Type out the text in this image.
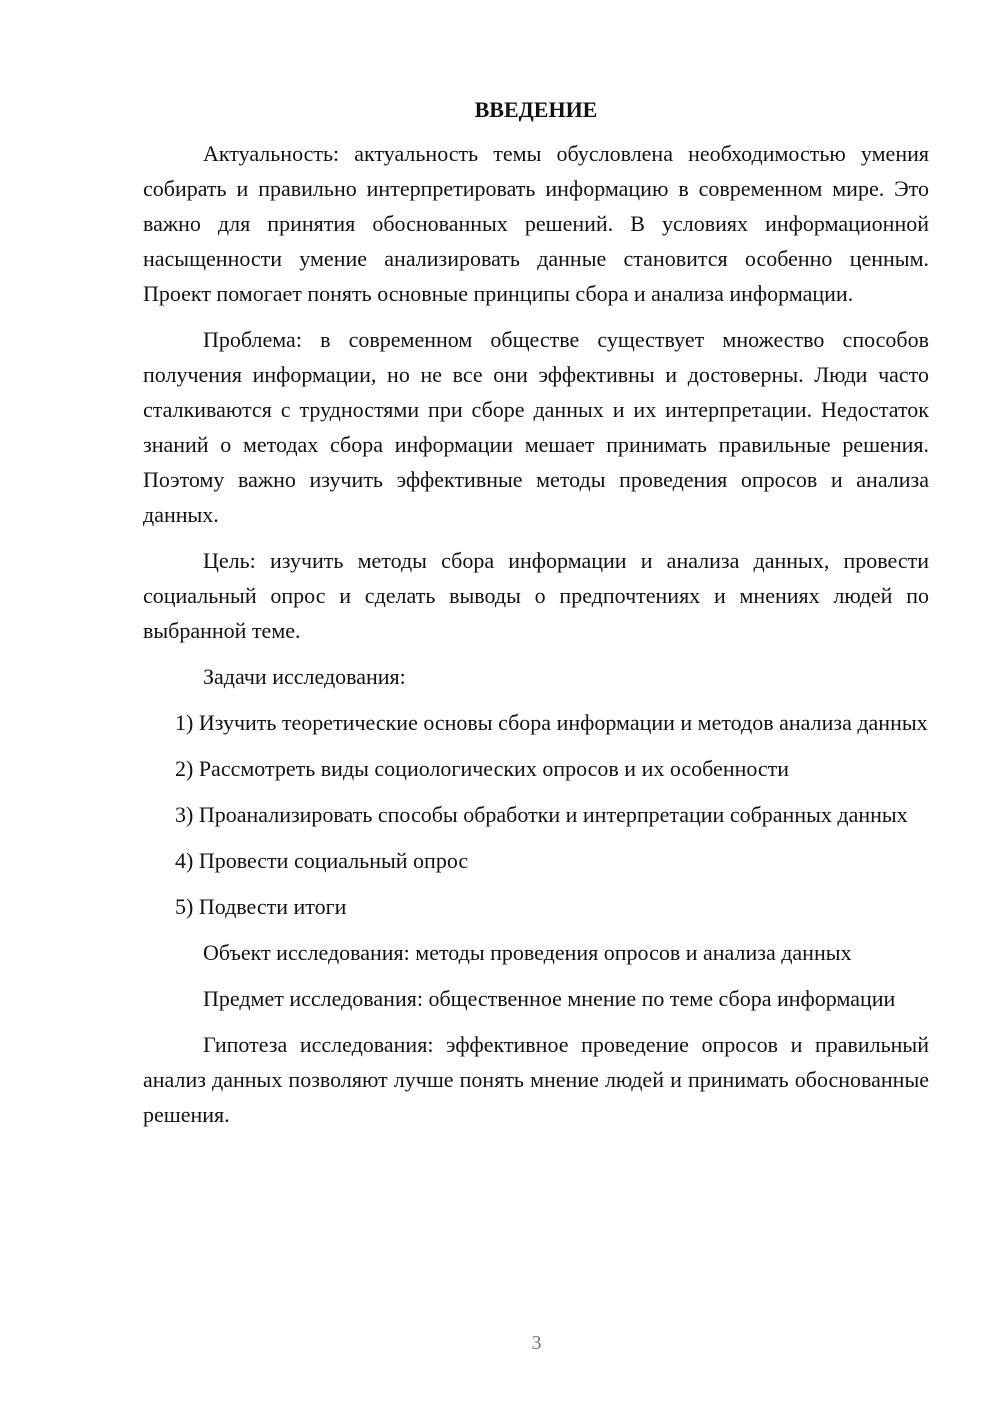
ВВЕДЕНИЕ

Актуальность: актуальность темы обусловлена необходимостью умения собирать и правильно интерпретировать информацию в современном мире. Это важно для принятия обоснованных решений. В условиях информационной насыщенности умение анализировать данные становится особенно ценным. Проект помогает понять основные принципы сбора и анализа информации.

Проблема: в современном обществе существует множество способов получения информации, но не все они эффективны и достоверны. Люди часто сталкиваются с трудностями при сборе данных и их интерпретации. Недостаток знаний о методах сбора информации мешает принимать правильные решения. Поэтому важно изучить эффективные методы проведения опросов и анализа данных.

Цель: изучить методы сбора информации и анализа данных, провести социальный опрос и сделать выводы о предпочтениях и мнениях людей по выбранной теме.

Задачи исследования:

1) Изучить теоретические основы сбора информации и методов анализа данных

2) Рассмотреть виды социологических опросов и их особенности

3) Проанализировать способы обработки и интерпретации собранных данных

4) Провести социальный опрос

5) Подвести итоги

Объект исследования: методы проведения опросов и анализа данных

Предмет исследования: общественное мнение по теме сбора информации

Гипотеза исследования: эффективное проведение опросов и правильный анализ данных позволяют лучше понять мнение людей и принимать обоснованные решения.

3
